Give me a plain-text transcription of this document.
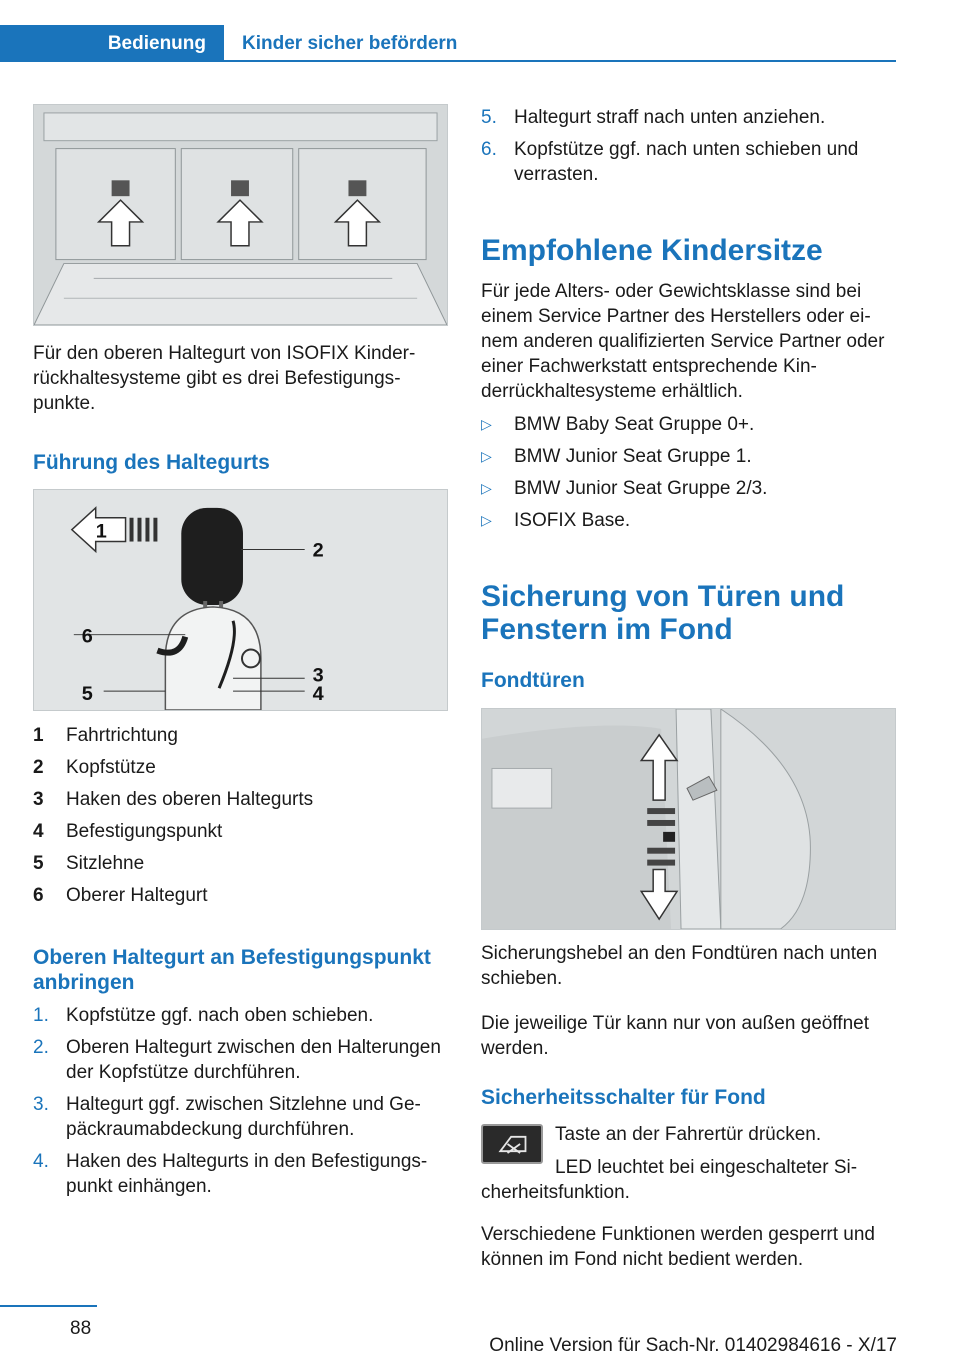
Bedienung Kinder sicher befördern

Für den oberen Haltegurt von ISOFIX Kinderrückhaltesysteme gibt es drei Befestigungspunkte.

Führung des Haltegurts
1
2
3
4
5
6
1	Fahrtrichtung
2	Kopfstütze
3	Haken des oberen Haltegurts
4	Befestigungspunkt
5	Sitzlehne
6	Oberer Haltegurt
Oberen Haltegurt an Befestigungspunkt anbringen
1. Kopfstütze ggf. nach oben schieben.
2. Oberen Haltegurt zwischen den Halterungen der Kopfstütze durchführen.
3. Haltegurt ggf. zwischen Sitzlehne und Gepäckraumabdeckung durchführen.
4. Haken des Haltegurts in den Befestigungspunkt einhängen.
5. Haltegurt straff nach unten anziehen.
6. Kopfstütze ggf. nach unten schieben und verrasten.
Empfohlene Kindersitze

Für jede Alters- oder Gewichtsklasse sind bei einem Service Partner des Herstellers oder einem anderen qualifizierten Service Partner oder einer Fachwerkstatt entsprechende Kinderrückhaltesysteme erhältlich.

▷	BMW Baby Seat Gruppe 0+.
▷	BMW Junior Seat Gruppe 1.
▷	BMW Junior Seat Gruppe 2/3.
▷	ISOFIX Base.
Sicherung von Türen und Fenstern im Fond
Fondtüren

Sicherungshebel an den Fondtüren nach unten schieben.

Die jeweilige Tür kann nur von außen geöffnet werden.

Sicherheitsschalter für Fond

Taste an der Fahrertür drücken.

LED leuchtet bei eingeschalteter Sicherheitsfunktion.

Verschiedene Funktionen werden gesperrt und können im Fond nicht bedient werden.

88
Online Version für Sach-Nr. 01402984616 - X/17
